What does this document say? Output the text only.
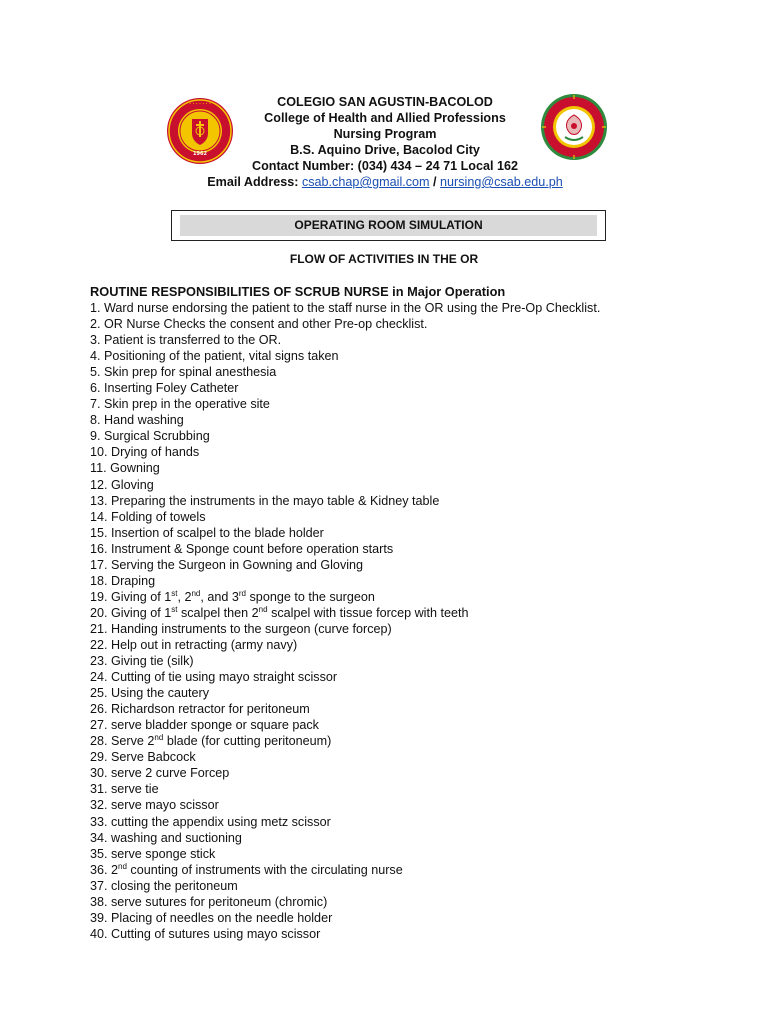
· · · · · · ·
1962
COLEGIO SAN AGUSTIN-BACOLOD
College of Health and Allied Professions
Nursing Program
B.S. Aquino Drive, Bacolod City
Contact Number: (034) 434 – 24 71 Local 162
Email Address: csab.chap@gmail.com / nursing@csab.edu.ph
OPERATING ROOM SIMULATION
FLOW OF ACTIVITIES IN THE OR
ROUTINE RESPONSIBILITIES OF SCRUB NURSE in Major Operation
1. Ward nurse endorsing the patient to the staff nurse in the OR using the Pre-Op Checklist.
2. OR Nurse Checks the consent and other Pre-op checklist.
3. Patient is transferred to the OR.
4. Positioning of the patient, vital signs taken
5. Skin prep for spinal anesthesia
6. Inserting Foley Catheter
7. Skin prep in the operative site
8. Hand washing
9. Surgical Scrubbing
10. Drying of hands
11. Gowning
12. Gloving
13. Preparing the instruments in the mayo table & Kidney table
14. Folding of towels
15. Insertion of scalpel to the blade holder
16. Instrument & Sponge count before operation starts
17. Serving the Surgeon in Gowning and Gloving
18. Draping
19. Giving of 1st, 2nd, and 3rd sponge to the surgeon
20. Giving of 1st scalpel then 2nd scalpel with tissue forcep with teeth
21. Handing instruments to the surgeon (curve forcep)
22. Help out in retracting (army navy)
23. Giving tie (silk)
24. Cutting of tie using mayo straight scissor
25. Using the cautery
26. Richardson retractor for peritoneum
27. serve bladder sponge or square pack
28. Serve 2nd blade (for cutting peritoneum)
29. Serve Babcock
30. serve 2 curve Forcep
31. serve tie
32. serve mayo scissor
33. cutting the appendix using metz scissor
34. washing and suctioning
35. serve sponge stick
36. 2nd counting of instruments with the circulating nurse
37. closing the peritoneum
38. serve sutures for peritoneum (chromic)
39. Placing of needles on the needle holder
40. Cutting of sutures using mayo scissor
